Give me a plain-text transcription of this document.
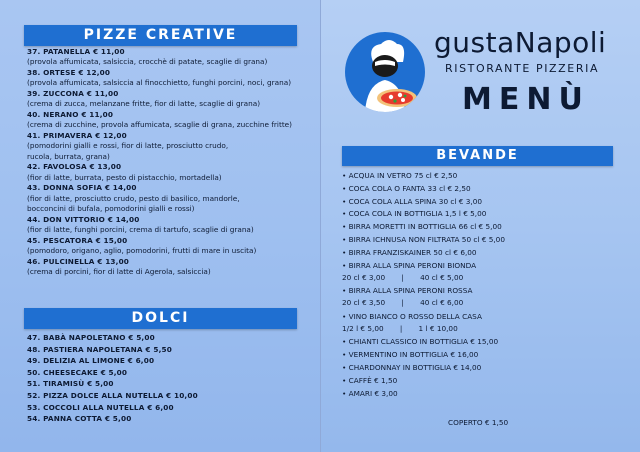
PIZZE CREATIVE
37. PATANELLA € 11,00
(provola affumicata, salsiccia, crocchè di patate, scaglie di grana)
38. ORTESE € 12,00
(provola affumicata, salsiccia al finocchietto, funghi porcini, noci, grana)
39. ZUCCONA € 11,00
(crema di zucca, melanzane fritte, fior di latte, scaglie di grana)
40. NERANO € 11,00
(crema di zucchine, provola affumicata, scaglie di grana, zucchine fritte)
41. PRIMAVERA € 12,00
(pomodorini gialli e rossi, fior di latte, prosciutto crudo,
rucola, burrata, grana)
42. FAVOLOSA € 13,00
(fior di latte, burrata, pesto di pistacchio, mortadella)
43. DONNA SOFIA € 14,00
(fior di latte, prosciutto crudo, pesto di basilico, mandorle,
bocconcini di bufala, pomodorini gialli e rossi)
44. DON VITTORIO € 14,00
(fior di latte, funghi porcini, crema di tartufo, scaglie di grana)
45. PESCATORA € 15,00
(pomodoro, origano, aglio, pomodorini, frutti di mare in uscita)
46. PULCINELLA € 13,00
(crema di porcini, fior di latte di Agerola, salsiccia)
DOLCI
47. BABÀ NAPOLETANO € 5,00
48. PASTIERA NAPOLETANA € 5,50
49. DELIZIA AL LIMONE € 6,00
50. CHEESECAKE € 5,00
51. TIRAMISÙ € 5,00
52. PIZZA DOLCE ALLA NUTELLA € 10,00
53. COCCOLI ALLA NUTELLA € 6,00
54. PANNA COTTA € 5,00
gustaNapoli
RISTORANTE PIZZERIA
MENÙ
BEVANDE
• ACQUA IN VETRO 75 cl € 2,50
• COCA COLA O FANTA 33 cl € 2,50
• COCA COLA ALLA SPINA 30 cl € 3,00
• COCA COLA IN BOTTIGLIA 1,5 l € 5,00
• BIRRA MORETTI IN BOTTIGLIA 66 cl € 5,00
• BIRRA ICHNUSA NON FILTRATA 50 cl € 5,00
• BIRRA FRANZISKAINER 50 cl € 6,00
• BIRRA ALLA SPINA PERONI BIONDA
20 cl € 3,00       |       40 cl € 5,00
• BIRRA ALLA SPINA PERONI ROSSA
20 cl € 3,50       |       40 cl € 6,00
• VINO BIANCO O ROSSO DELLA CASA
1/2 l € 5,00       |       1 l € 10,00
• CHIANTI CLASSICO IN BOTTIGLIA € 15,00
• VERMENTINO IN BOTTIGLIA € 16,00
• CHARDONNAY IN BOTTIGLIA € 14,00
• CAFFÈ € 1,50
• AMARI € 3,00
COPERTO € 1,50
